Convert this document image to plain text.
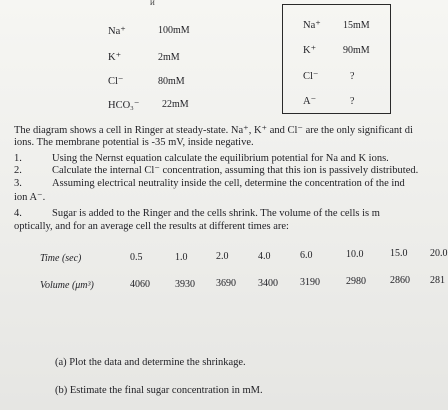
ᴎ
Na⁺	100mM
K⁺	2mM
Cl⁻	80mM
HCO₃⁻ 22mM
Na⁺ 15mM
K⁺	90mM
Cl⁻	?
A⁻	?
The diagram shows a cell in Ringer at steady-state. Na⁺, K⁺ and Cl⁻ are the only significant di
ions. The membrane potential is -35 mV, inside negative.
1.	Using the Nernst equation calculate the equilibrium potential for Na and K ions.
2.	Calculate the internal Cl⁻ concentration, assuming that this ion is passively distributed.
3.	Assuming electrical neutrality inside the cell, determine the concentration of the ind
ion A⁻.
4.	Sugar is added to the Ringer and the cells shrink. The volume of the cells is m
optically, and for an average cell the results at different times are:
Time (sec)	0.5	1.0	2.0	4.0	6.0	10.0	15.0 20.0
Volume (μm³)	4060	3930 3690 3400 3190	2980 2860 281
(a) Plot the data and determine the shrinkage.
(b) Estimate the final sugar concentration in mM.
